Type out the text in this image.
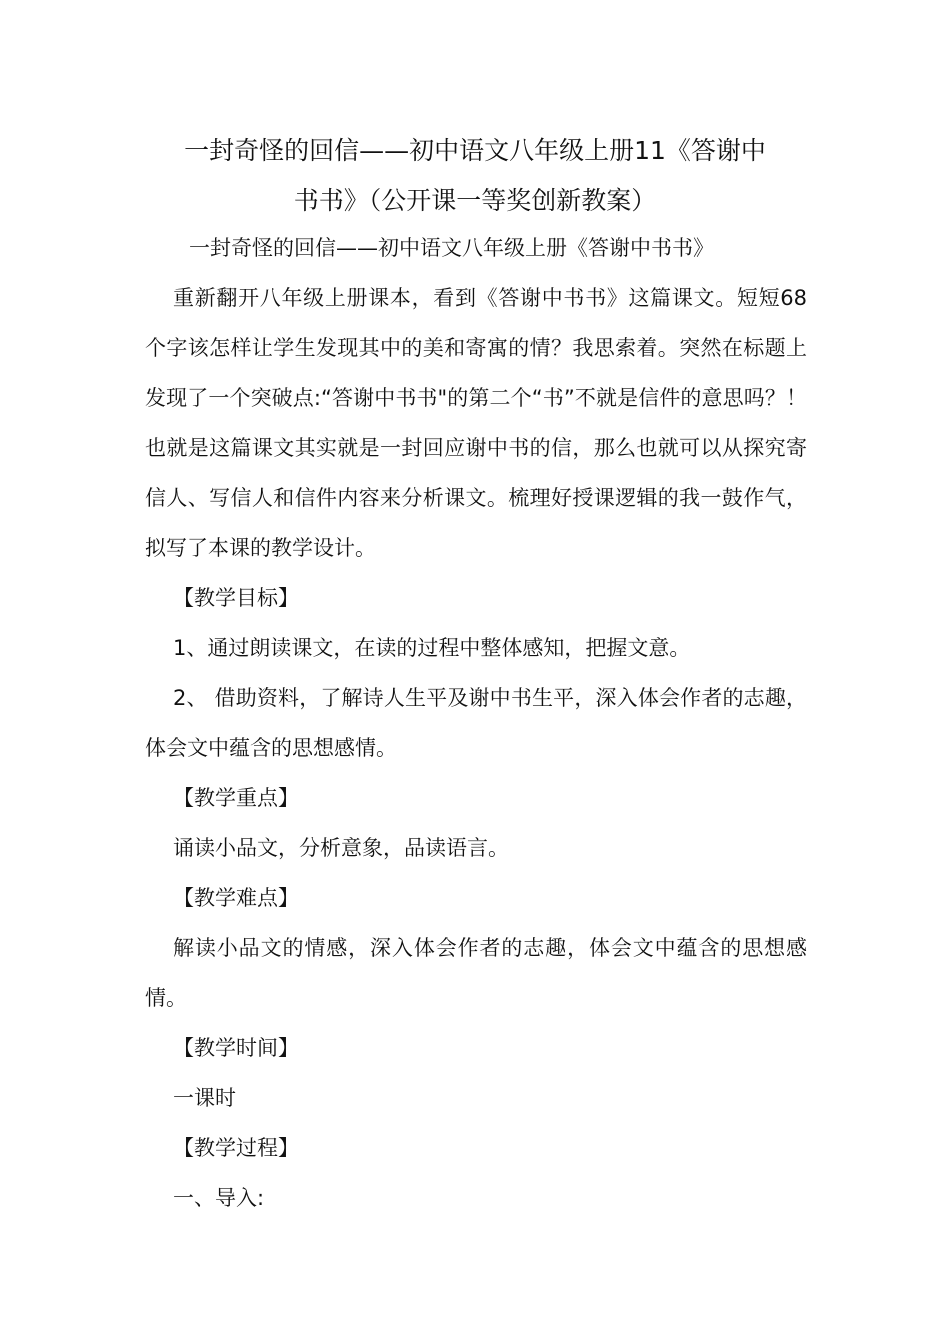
一封奇怪的回信——初中语文八年级上册11《答谢中
书书》（公开课一等奖创新教案）

一封奇怪的回信——初中语文八年级上册《答谢中书书》

重新翻开八年级上册课本，看到《答谢中书书》这篇课文。短短68个字该怎样让学生发现其中的美和寄寓的情？我思索着。突然在标题上发现了一个突破点:“答谢中书书"的第二个“书”不就是信件的意思吗？！也就是这篇课文其实就是一封回应谢中书的信，那么也就可以从探究寄信人、写信人和信件内容来分析课文。梳理好授课逻辑的我一鼓作气，拟写了本课的教学设计。

【教学目标】

1、通过朗读课文，在读的过程中整体感知，把握文意。

2、 借助资料，了解诗人生平及谢中书生平，深入体会作者的志趣，体会文中蕴含的思想感情。

【教学重点】

诵读小品文，分析意象，品读语言。

【教学难点】

解读小品文的情感，深入体会作者的志趣，体会文中蕴含的思想感情。

【教学时间】

一课时

【教学过程】

一、导入:
